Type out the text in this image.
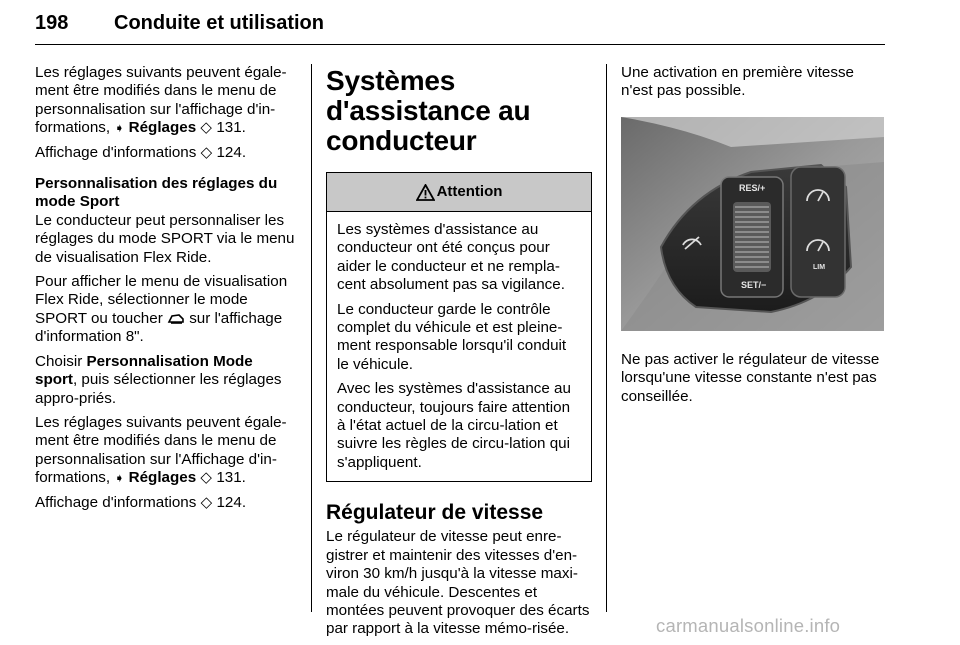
198 Conduite et utilisation

Les réglages suivants peuvent égale-ment être modifiés dans le menu de personnalisation sur l'affichage d'in-formations, ➧ Réglages ◇ 131.

Affichage d'informations ◇ 124.

Personnalisation des réglages du mode Sport

Le conducteur peut personnaliser les réglages du mode SPORT via le menu de visualisation Flex Ride.

Pour afficher le menu de visualisation Flex Ride, sélectionner le mode SPORT ou toucher  sur l'affichage d'information 8".

Choisir Personnalisation Mode sport, puis sélectionner les réglages appro-priés.

Les réglages suivants peuvent égale-ment être modifiés dans le menu de personnalisation sur l'Affichage d'in-formations, ➧ Réglages ◇ 131.

Affichage d'informations ◇ 124.

Systèmes d'assistance au conducteur
Attention

Les systèmes d'assistance au conducteur ont été conçus pour aider le conducteur et ne rempla-cent absolument pas sa vigilance.

Le conducteur garde le contrôle complet du véhicule et est pleine-ment responsable lorsqu'il conduit le véhicule.

Avec les systèmes d'assistance au conducteur, toujours faire attention à l'état actuel de la circu-lation et suivre les règles de circu-lation qui s'appliquent.

Régulateur de vitesse

Le régulateur de vitesse peut enre-gistrer et maintenir des vitesses d'en-viron 30 km/h jusqu'à la vitesse maxi-male du véhicule. Descentes et montées peuvent provoquer des écarts par rapport à la vitesse mémo-risée.

Une activation en première vitesse n'est pas possible.

RES/+
SET/−
LIM

Ne pas activer le régulateur de vitesse lorsqu'une vitesse constante n'est pas conseillée.

carmanualsonline.info
